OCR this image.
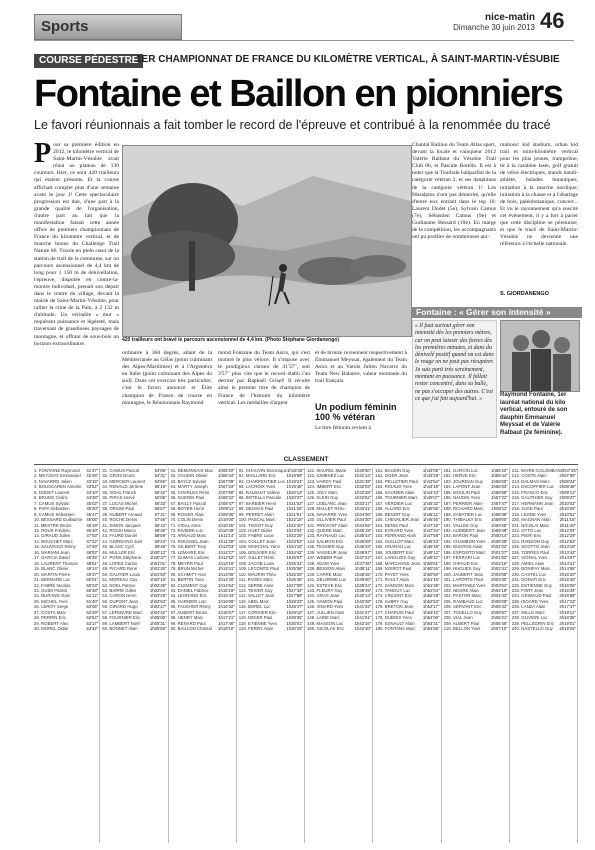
Sports
nice-matin
Dimanche 30 juin 2013 46
COURSE PÉDESTRE
1ER CHAMPIONNAT DE FRANCE DU KILOMÈTRE VERTICAL, À SAINT-MARTIN-VÉSUBIE
Fontaine et Baillon en pionniers
Le favori réunionnais a fait tomber le record de l'épreuve et contribué à la renommée du tracé
P our sa première édition en 2012, le kilomètre vertical de Saint-Martin-Vésubie avait réuni au plateau de 130 coureurs. Hier, ce sont 420 trailleurs qui étaient présents. Et la course affichait complet plus d'une semaine avant le jour J! Cette spectaculaire progression est due, d'une part à la grande qualité de l'organisation, d'autre part au fait que la manifestation faisait cette année office de premiers championnats de France du kilomètre vertical, et de manche bonus du Challenge Trail Nature 06. Tracée en plein cœur de la station de trail de la commune, sur un parcours ascensionnel de 4,4 km de long pour 1 150 m de dénivellation, l'épreuve, disputée en contre-la-montre individuel, prenait son départ dans le centre du village, devant la mairie de Saint-Martin-Vésubie, pour rallier la cime de la Palu, à 2 132 m d'altitude. Un véritable « mur » requérant puissance et légèreté, mais traversant de grandioses paysages de montagne, et offrant de sous-bois un horizon extraordinaire.
420 trailleurs ont bravé le parcours ascensionnel de 4,4 km. (Photo Stéphane Giordanengo)
ordinaire à 360 degrés, allant de la Méditerranée au Gélas (point culminant des Alpes-Maritimes) et à l'Argentera en Italie (point culminant des Alpes du sud). Dans cet exercice très particulier, c'est le favori annoncé et Élite champion de France de course en montagne, le Réunionnais Raymond
mond Fontaine du Team Asics, qui s'est montré le plus véloce. Il s'impose avec le prodigieux chrono de 41'37", soit 3'57" plus vite que le record établi l'an dernier par Raphaël Grisel! Il récolte ainsi le premier titre de champion de France de l'histoire du kilomètre vertical. Les médailles d'argent
et de bronze reviennent respectivement à Emmanuel Meyssat, également du Team Asics et au Varois Julien Navarro du Team New Balance, valeur montante du trail français.
Un podium féminin 100 % vétéran
Le titre féminin revient à
Chantal Baillon du Team Atlas sport, devant la locale et vainqueur 2012 Valérie Ralbaut du Vésubie Trail Club 06, et Pascale Botella. Il est à noter que la Tourbale ballparfait de la catégorie vétéran 2, et ses dauphines de la catégorie vétéran 1! Les Maralpins n'ont pas démérité, qu'elle d'entre eux entrant dans le top 10: Laurent Dodet (5e), Sylvain Camus (7e), Sébastien Camus (9e) et Guillaume Bessard (10e). En marge de la compétition, les accompagnants ont pu profiter de nombreuses ani-
mations: kid stadium, urban kid trail et mini-kilomètre vertical pour les plus jeunes, trampoline, tir à la carabine laser, golf gratuit de vélos électriques, stands handi-athlète, balades botaniques, initiation à la marche nordique, initiation à la chasse et à l'abattage de bois, paléobotanique, concert... Et vu le rayonnement qu'a suscité cet événement, il y a fort à parier que cette discipline se pérennise, et que le tracé de Saint-Martin-Vésubie ne devienne une référence à l'échelle nationale.
S. GIORDANENGO
Fontaine : « Gérer son intensité »
« Il faut surtout gérer son intensité dès les premiers mètres, car on peut laisser des forces dès les premières minutes, et dans du dénivelé positif quand on est dans le rouge on ne peut pas récupérer. Je suis parti très sereinement, montant en puissance. Il fallait rester concentré, dans sa bulle, ne pas s'occuper des autres. C'est ce que j'ai fait aujourd'hui. »
Raymond Fontaine, 1er lauréat national du kilo vertical, entouré de son dauphin Emmanuel Meyssat et de Valérie Ralbaut (2e féminine).
CLASSEMENT
1. FONTAINE Raymond 41'37"
2. MEYSSAT Emmanuel 42'46"
3. NAVARRO Julien	43'19"
4. BOUSCAREN Antoine 43'52"
5. DODET Laurent	44'10"
6. BRUNO Cédric	44'38"
7. CAMUS Sylvain	45'02"
8. PAPA Sébastien	45'20"
9. CAMUS Sébastien	45'47"
10. BESSARD Guillaume 46'05"
11. MESTRE Bruno	46'19"
12. ROUX Frédéric	46'40"
13. GIRAUD Julien	47'03"
14. BOUCHET Marc	47'22"
15. SAUVAIGO Rémy 47'49"
16. MARIANI Jean	48'02"
17. GARCIA David	48'25"
18. LAURENT Thomas 48'51"
19. BLANC Olivier	49'14"
20. MARTIN Pierre	49'37"
21. BERNARD Luc	50'01"
22. FABRE Nicolas	50'23"
23. GUIDI Patrick	50'48"
24. DURAND Alain	51'12"
25. MICHEL Yves	51'40"
26. LEROY Serge	52'05"
27. COSTA Marc	52'29"
28. PERRIN Eric	52'54"
29. ROBERT Alex	53'17"
30. MOREL Didier	53'42"
31. CAMUS Pascal	54'06"
32. GROS Bruno	54'31"
33. MERCIER Laurent 54'55"
34. RENAUD Jérôme	55'19"
35. VIDAL Franck	55'42"
36. PIRAS Hervé	56'08"
37. LUCAS Michel	56'33"
38. ORSINI Paul	56'57"
39. HUBERT Arnaud	57'21"
40. ROCHE Denis	57'46"
41. SIMON Jacques	58'10"
42. ROSSI Marco	58'35"
43. FAURE Daniel	58'59"
44. GIORDANO Joël	59'24"
45. BLANC Cyril	59'48"
46. MULLER Eric	1h00'12"
47. PONS Stéphane 1h00'37"
48. LOPEZ Carlos	1h01'01"
49. PICARD René	1h01'26"
50. GAUTIER Louis 1h01'50"
51. MOREAU Guy	1h02'15"
52. NOEL Patrice	1h02'39"
53. BARRE Gilles	1h03'04"
54. CARON Henri	1h03'28"
55. DUPONT Jean	1h03'53"
56. GIRARD Hugo	1h04'17"
57. LEFEBVRE Marc 1h04'42"
58. FOURNIER Eric 1h05'06"
59. LAMBERT Noël 1h05'31"
60. BONNET Alain	1h05'55"
61. DEMONSAIS Max 1h06'20"
62. GAUDIN Olivier 1h06'44"
63. BAYLE Sylvain	1h07'09"
64. MARTY Joseph 1h07'33"
65. CHARLES Rémi 1h07'58"
66. GUERIN Paul	1h08'22"
67. BAILLY Pascal	1h08'47"
68. BOYER Henri	1h09'11"
69. ROGER Alain	1h09'36"
70. COLIN Denis	1h10'00"
71. VIDAL Anne	1h10'25"
72. RIVIERE Luc	1h10'49"
73. ARNAUD Marc	1h11'14"
74. ROUSSEL Jean 1h11'38"
75. GILBERT Tony	1h12'03"
76. LEMAIRE Eric	1h12'27"
77. DUMAS Ludovic 1h12'52"
78. MEYER Paul	1h13'16"
79. BRUN Michel	1h13'41"
80. SCHMITT Alex	1h14'05"
81. BERTIN Yves	1h14'30"
82. CLEMENT Guy	1h14'54"
83. DANIEL Fabrice 1h15'19"
84. LEGRAND Eric	1h15'43"
85. GARNIER Loïc	1h16'08"
86. FAUCHER Rémy 1h16'32"
87. AUBERT Bruno 1h16'57"
88. HENRY Marc	1h17'21"
89. RENARD Paul	1h17'46"
90. BAILLON Chantal 1h18'10"
91. CHAUVIN Dominique 1h18'35"
92. MAILLARD Eric 1h18'59"
93. CHARPENTIER Luc 1h19'24"
94. LACROIX Yves	1h19'48"
95. RALBAUT Valérie 1h20'13"
96. BOTELLA Pascale 1h20'37"
97. BARBIER Henri 1h21'02"
98. DELMAS Paul	1h21'26"
99. PERRET Alain	1h21'51"
100. PASCAL Marc	1h22'15"
101. TISSOT Guy	1h22'40"
102. HUET Didier	1h23'04"
103. FABRE Lucie	1h23'29"
104. COLLET Jean	1h23'53"
105. MARCHAL Yann 1h24'18"
106. BOUVIER Eric 1h24'42"
107. GILLET Rémi	1h25'07"
108. JACOB Louis	1h25'31"
109. LECOMTE Paul 1h25'56"
110. MAURIN Théo 1h26'20"
111. PAGES Marc	1h26'45"
112. SERRE Anne	1h27'09"
113. TEXIER Guy	1h27'34"
114. VALLET Jean	1h27'58"
115. ABEL Marc	1h28'23"
116. BOREL Luc	1h28'47"
117. CORDIER Eric 1h29'12"
118. DIDIER Paul	1h29'36"
119. ETIENNE Yves 1h30'01"
120. FERRY Alain	1h30'25"
121. MAUREL Marie 1h30'50"
122. GIMENEZ Luc 1h31'14"
123. HARDY Paul	1h31'39"
124. IMBERT Eric	1h32'03"
125. JOLY Marc	1h32'28"
126. KLEIN Guy	1h32'52"
127. LEBLANC Jean 1h33'17"
128. MALLET Rémi 1h33'41"
129. NAVARRE Yves 1h34'06"
130. OLLIVIER Paul 1h34'30"
131. PREVOST Alain 1h34'55"
132. QUERE Marc	1h35'19"
133. RAYNAUD Luc 1h35'44"
134. SALMON Eric	1h36'08"
135. TESSIER Guy 1h36'33"
136. VASSEUR Jean 1h36'57"
137. WEBER Paul	1h37'22"
138. ADAM Yves	1h37'46"
139. BESSON Alain 1h38'11"
140. CARRE Marc	1h38'35"
141. DELORME Luc 1h39'00"
142. ESTEVE Eric	1h39'24"
143. FLEURY Guy	1h39'49"
144. GRAS Jean	1h40'13"
145. HAMON Paul	1h40'38"
146. ISNARD Yves	1h41'02"
147. JULLIEN Alain 1h41'27"
148. LAINE Marc	1h41'51"
149. MASSON Luc	1h42'16"
150. NICOLAS Eric 1h42'40"
151. BAUDIN Guy	1h43'05"
152. OGER Jean	1h43'29"
153. PELLETIER Paul 1h43'54"
154. RIGAUD Yves	1h44'18"
155. SAUNIER Alain 1h44'43"
156. TOURNIER Marc 1h45'07"
157. VERDIER Luc	1h45'32"
158. ALLARD Eric	1h45'56"
159. BENOIT Guy	1h46'21"
160. CHEVALIER Jean 1h46'45"
161. DENIS Paul	1h47'10"
162. EVRARD Yves 1h47'34"
163. FERRAND Alain 1h47'59"
164. GUILLOT Marc 1h48'23"
165. HOARAU Luc	1h48'48"
166. JOUBERT Eric 1h49'12"
167. LANGLOIS Guy 1h49'37"
168. MARCHAND Jean 1h50'01"
169. NOIROT Paul	1h50'26"
170. PAYET Yves	1h50'50"
171. RAULT Alain	1h51'15"
172. SAMSON Marc 1h51'39"
173. TANGUY Luc	1h52'04"
174. VINCENT Eric 1h52'28"
175. AUBRY Guy	1h52'53"
176. BRETON Jean 1h53'17"
177. CHAPUIS Paul 1h53'42"
178. DUBOIS Yves	1h54'06"
179. ESNAULT Alain 1h54'31"
180. FONTANA Marc 1h54'55"
181. GARCIN Luc	1h55'20"
182. HERVE Eric	1h55'44"
183. JOURDAN Guy 1h56'09"
184. LAFONT Jean 1h56'33"
185. MOULIN Paul	1h56'58"
186. NAUDIN Yves	1h57'22"
187. PERRIER Alain 1h57'47"
188. RICHARD Marc 1h58'11"
189. SABATIER Luc 1h58'36"
190. THIBAULT Eric 1h59'00"
191. VALLEE Guy	1h59'25"
192. AUDIBERT Jean 1h59'49"
193. BARON Paul	2h00'14"
194. CHAMBON Yves 2h00'38"
195. DUCROS Alain 2h01'03"
196. ESPOSITO Marc 2h01'27"
197. FERRARI Luc	2h01'52"
198. GIRAUD Eric	2h02'16"
199. HUGUES Guy 2h02'41"
200. JAUBERT Jean 2h03'05"
201. LAPORTE Paul 2h03'30"
202. MARTINEZ Yves 2h03'54"
203. NEGRE Alain	2h04'19"
204. PASTOR Marc 2h04'43"
205. RAMBAUD Luc 2h05'08"
206. SERVANT Eric 2h05'32"
207. TOSELLO Guy 2h05'57"
208. VIAL Jean	2h06'21"
209. ALBERT Paul	2h06'46"
210. BELLON Yves 2h07'10"
211. MAIRE-COLOMBAN 2h07'35"
212. COSTE Alain	2h07'59"
213. DALMAS Marc 2h08'24"
214. ESCOFFIER Luc 2h08'48"
215. FRANCO Eric	2h09'13"
216. GAUTHIER Guy 2h09'37"
217. HERMANN Jean 2h10'02"
218. JUGE Paul	2h10'26"
219. LEONE Yves	2h10'51"
220. MAGNAN Alain 2h11'15"
221. NICOLAI Marc 2h11'40"
222. OTTO Luc	2h12'04"
223. PIERI Eric	2h12'29"
224. RANDON Guy 2h12'53"
225. SCOTTO Jean 2h13'18"
226. TORRES Paul 2h13'42"
227. VIGNAL Yves	2h14'07"
228. AMIEL Alain	2h14'31"
229. BONIFAY Marc 2h14'56"
230. CASTEL Luc	2h15'20"
231. DONATI Eric	2h15'45"
232. ESTIENNE Guy 2h16'09"
233. FORT Jean	2h16'34"
234. GRIMAUD Paul 2h16'58"
235. ISOARD Yves	2h17'23"
236. LANZA Alain	2h17'47"
237. MILLO Marc	2h18'12"
238. OLIVIERI Luc	2h18'36"
239. PELLEGRIN Eric 2h19'01"
240. RASTELLO Guy 2h19'25"
